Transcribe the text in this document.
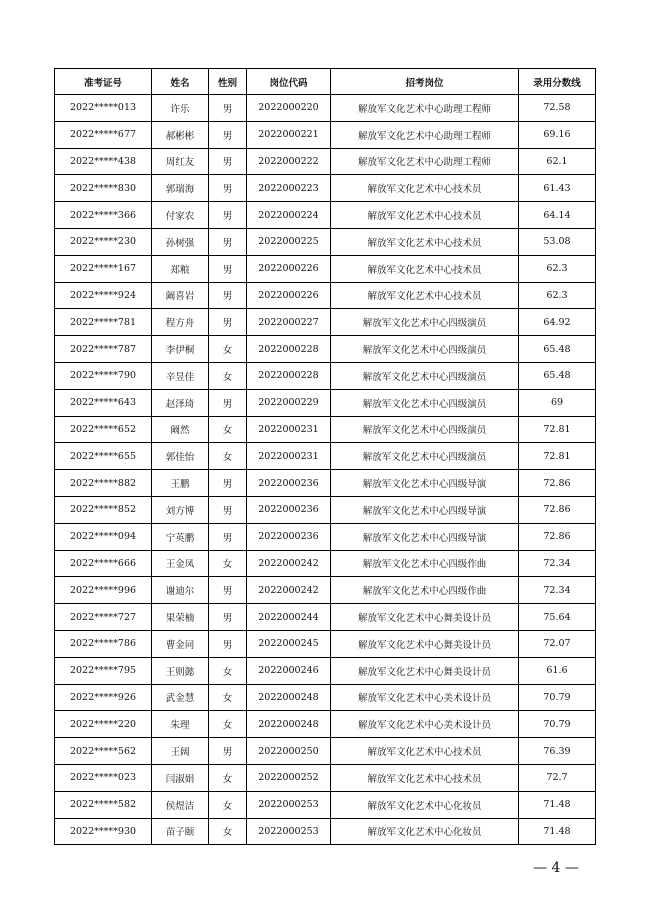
准考证号	姓名	性别	岗位代码	招考岗位	录用分数线
2022*****013	许乐	男	2022000220	解放军文化艺术中心助理工程师	72.58
2022*****677	郝彬彬	男	2022000221	解放军文化艺术中心助理工程师	69.16
2022*****438	周红友	男	2022000222	解放军文化艺术中心助理工程师	62.1
2022*****830	郭瑞海	男	2022000223	解放军文化艺术中心技术员	61.43
2022*****366	付家农	男	2022000224	解放军文化艺术中心技术员	64.14
2022*****230	孙树强	男	2022000225	解放军文化艺术中心技术员	53.08
2022*****167	郑粮	男	2022000226	解放军文化艺术中心技术员	62.3
2022*****924	阚喜岩	男	2022000226	解放军文化艺术中心技术员	62.3
2022*****781	程方舟	男	2022000227	解放军文化艺术中心四级演员	64.92
2022*****787	李伊桐	女	2022000228	解放军文化艺术中心四级演员	65.48
2022*****790	辛昱佳	女	2022000228	解放军文化艺术中心四级演员	65.48
2022*****643	赵泽琦	男	2022000229	解放军文化艺术中心四级演员	69
2022*****652	阚然	女	2022000231	解放军文化艺术中心四级演员	72.81
2022*****655	郭佳怡	女	2022000231	解放军文化艺术中心四级演员	72.81
2022*****882	王鹏	男	2022000236	解放军文化艺术中心四级导演	72.86
2022*****852	刘方博	男	2022000236	解放军文化艺术中心四级导演	72.86
2022*****094	宁英鹏	男	2022000236	解放军文化艺术中心四级导演	72.86
2022*****666	王金凤	女	2022000242	解放军文化艺术中心四级作曲	72.34
2022*****996	谢迪尔	男	2022000242	解放军文化艺术中心四级作曲	72.34
2022*****727	果荣楠	男	2022000244	解放军文化艺术中心舞美设计员	75.64
2022*****786	曹金同	男	2022000245	解放军文化艺术中心舞美设计员	72.07
2022*****795	王则懿	女	2022000246	解放军文化艺术中心舞美设计员	61.6
2022*****926	武金慧	女	2022000248	解放军文化艺术中心美术设计员	70.79
2022*****220	朱理	女	2022000248	解放军文化艺术中心美术设计员	70.79
2022*****562	王阔	男	2022000250	解放军文化艺术中心技术员	76.39
2022*****023	闫淑娟	女	2022000252	解放军文化艺术中心技术员	72.7
2022*****582	侯煜洁	女	2022000253	解放军文化艺术中心化妆员	71.48
2022*****930	苗子颐	女	2022000253	解放军文化艺术中心化妆员	71.48
— 4 —
